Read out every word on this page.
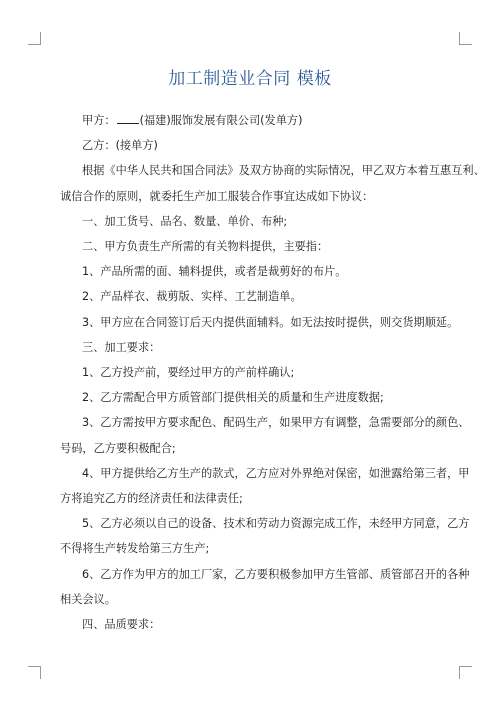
加工制造业合同 模板

甲方： (福建)服饰发展有限公司(发单方)

乙方：(接单方)

根据《中华人民共和国合同法》及双方协商的实际情况，甲乙双方本着互惠互利、

诚信合作的原则，就委托生产加工服装合作事宜达成如下协议：

一、加工货号、品名、数量、单价、布种;

二、甲方负责生产所需的有关物料提供，主要指：

1、产品所需的面、辅料提供，或者是裁剪好的布片。

2、产品样衣、裁剪版、实样、工艺制造单。

3、甲方应在合同签订后天内提供面辅料。如无法按时提供，则交货期顺延。

三、加工要求：

1、乙方投产前，要经过甲方的产前样确认;

2、乙方需配合甲方质管部门提供相关的质量和生产进度数据;

3、乙方需按甲方要求配色、配码生产，如果甲方有调整，急需要部分的颜色、

号码，乙方要积极配合;

4、甲方提供给乙方生产的款式，乙方应对外界绝对保密，如泄露给第三者，甲

方将追究乙方的经济责任和法律责任;

5、乙方必须以自己的设备、技术和劳动力资源完成工作，未经甲方同意，乙方

不得将生产转发给第三方生产;

6、乙方作为甲方的加工厂家，乙方要积极参加甲方生管部、质管部召开的各种

相关会议。

四、品质要求：
